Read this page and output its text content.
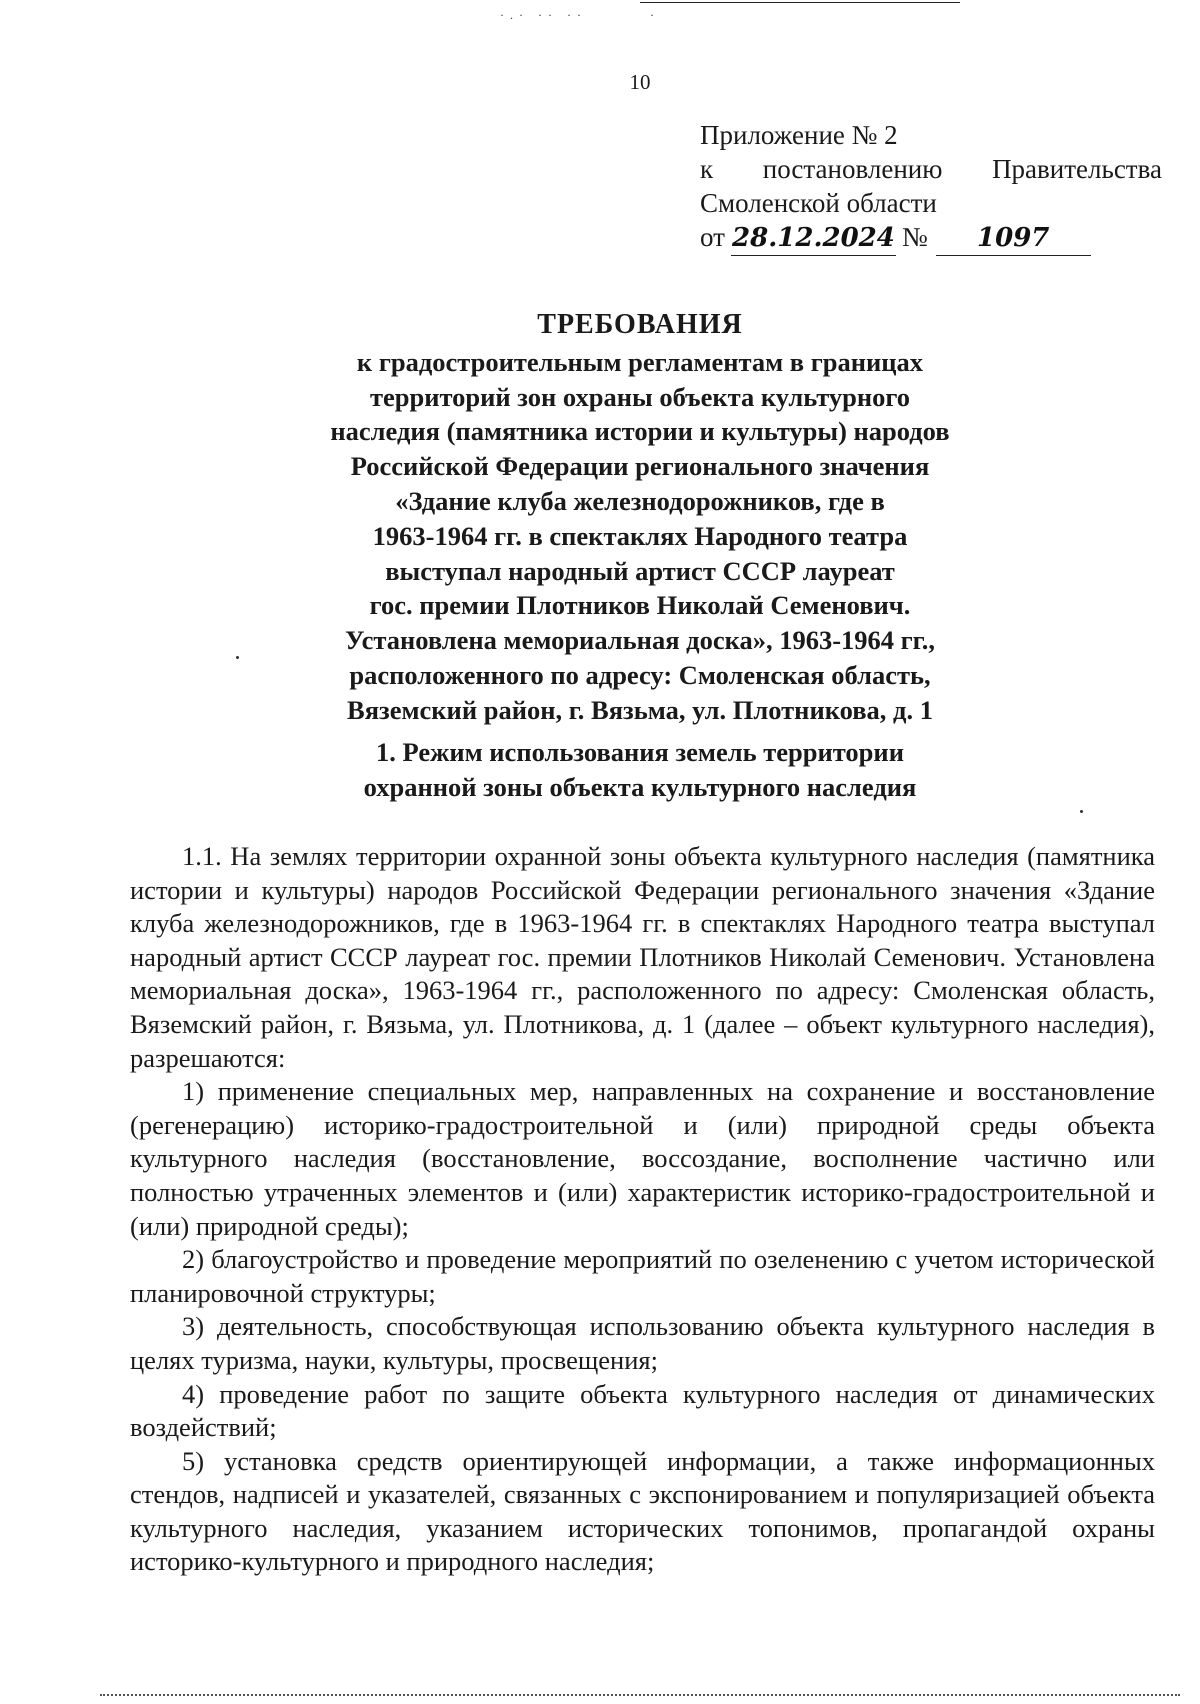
·.· ·· ··       ·
10
Приложение № 2
к постановлению Правительства
Смоленской области
от 28.12.2024 №	1097
ТРЕБОВАНИЯ
к градостроительным регламентам в границах
территорий зон охраны объекта культурного
наследия (памятника истории и культуры) народов
Российской Федерации регионального значения
«Здание клуба железнодорожников, где в
1963-1964 гг. в спектаклях Народного театра
выступал народный артист СССР лауреат
гос. премии Плотников Николай Семенович.
Установлена мемориальная доска», 1963-1964 гг.,
расположенного по адресу: Смоленская область,
Вяземский район, г. Вязьма, ул. Плотникова, д. 1
1. Режим использования земель территории
охранной зоны объекта культурного наследия

1.1. На землях территории охранной зоны объекта культурного наследия (памятника истории и культуры) народов Российской Федерации регионального значения «Здание клуба железнодорожников, где в 1963-1964 гг. в спектаклях Народного театра выступал народный артист СССР лауреат гос. премии Плотников Николай Семенович. Установлена мемориальная доска», 1963-1964 гг., расположенного по адресу: Смоленская область, Вяземский район, г. Вязьма, ул. Плотникова, д. 1 (далее – объект культурного наследия), разрешаются:

1) применение специальных мер, направленных на сохранение и восстановление (регенерацию) историко-градостроительной и (или) природной среды объекта культурного наследия (восстановление, воссоздание, восполнение частично или полностью утраченных элементов и (или) характеристик историко-градостроительной и (или) природной среды);

2) благоустройство и проведение мероприятий по озеленению с учетом исторической планировочной структуры;

3) деятельность, способствующая использованию объекта культурного наследия в целях туризма, науки, культуры, просвещения;

4) проведение работ по защите объекта культурного наследия от динамических воздействий;

5) установка средств ориентирующей информации, а также информационных стендов, надписей и указателей, связанных с экспонированием и популяризацией объекта культурного наследия, указанием исторических топонимов, пропагандой охраны историко-культурного и природного наследия;
